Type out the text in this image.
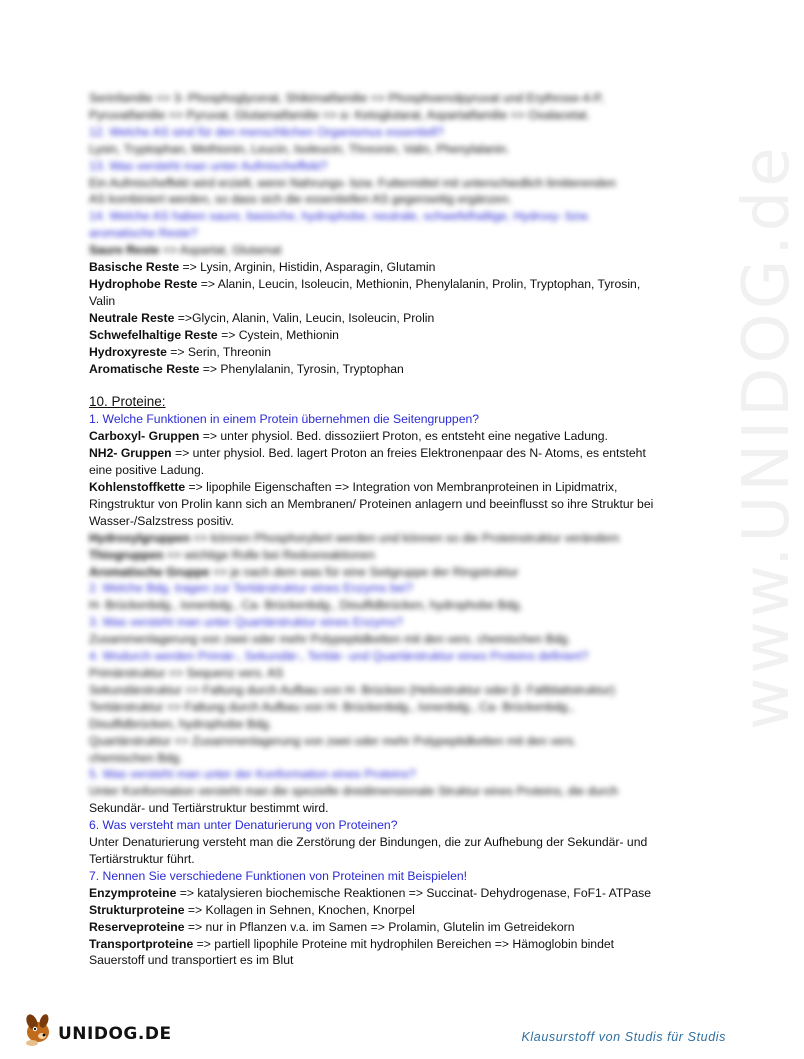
www.UNIDOG.de
Serinfamilie => 3- Phosphoglycerat, Shikimatfamilie => Phosphoenolpyruvat und Erythrose-4-P,
Pyruvatfamilie => Pyruvat, Glutamatfamilie => α- Ketoglutarat, Aspartatfamilie => Oxalacetat.
12. Welche AS sind für den menschlichen Organismus essentiell?
Lysin, Tryptophan, Methionin, Leucin, Isoleucin, Threonin, Valin, Phenylalanin.
13. Was versteht man unter Aufmischeffekt?
Ein Aufmischeffekt wird erzielt, wenn Nahrungs- bzw. Futtermittel mit unterschiedlich limitierenden
AS kombiniert werden, so dass sich die essentiellen AS gegenseitig ergänzen.
14. Welche AS haben saure, basische, hydrophobe, neutrale, schwefelhaltige, Hydroxy- bzw.
aromatische Reste?
Saure Reste => Aspartat, Glutamat
Basische Reste => Lysin, Arginin, Histidin, Asparagin, Glutamin
Hydrophobe Reste => Alanin, Leucin, Isoleucin, Methionin, Phenylalanin, Prolin, Tryptophan, Tyrosin, Valin
Neutrale Reste =>Glycin, Alanin, Valin, Leucin, Isoleucin, Prolin
Schwefelhaltige Reste => Cystein, Methionin
Hydroxyreste => Serin, Threonin
Aromatische Reste => Phenylalanin, Tyrosin, Tryptophan
10. Proteine:
1. Welche Funktionen in einem Protein übernehmen die Seitengruppen?
Carboxyl- Gruppen => unter physiol. Bed. dissoziiert Proton, es entsteht eine negative Ladung.
NH2- Gruppen => unter physiol. Bed. lagert Proton an freies Elektronenpaar des N- Atoms, es entsteht eine positive Ladung.
Kohlenstoffkette => lipophile Eigenschaften => Integration von Membranproteinen in Lipidmatrix, Ringstruktur von Prolin kann sich an Membranen/ Proteinen anlagern und beeinflusst so ihre Struktur bei Wasser-/Salzstress positiv.
Hydroxylgruppen => können Phosphoryliert werden und können so die Proteinstruktur verändern
Thiogruppen => wichtige Rolle bei Redoxreaktionen
Aromatische Gruppe => je nach dem was für eine Seitgruppe der Ringstruktur
2. Welche Bdg. tragen zur Tertiärstruktur eines Enzyms bei?
H- Brückenbdg., Ionenbdg., Ca- Brückenbdg., Disulfidbrücken, hydrophobe Bdg.
3. Was versteht man unter Quartärstruktur eines Enzyms?
Zusammenlagerung von zwei oder mehr Polypeptidketten mit den vers. chemischen Bdg.
4. Wodurch werden Primär-, Sekundär-, Tertiär- und Quartärstruktur eines Proteins definiert?
Primärstruktur => Sequenz vers. AS
Sekundärstruktur => Faltung durch Aufbau von H- Brücken (Helixstruktur oder β- Faltblattstruktur)
Tertiärstruktur => Faltung durch Aufbau von H- Brückenbdg., Ionenbdg., Ca- Brückenbdg.,
Disulfidbrücken, hydrophobe Bdg.
Quartärstruktur => Zusammenlagerung von zwei oder mehr Polypeptidketten mit den vers.
chemischen Bdg.
5. Was versteht man unter der Konformation eines Proteins?
Unter Konformation versteht man die spezielle dreidimensionale Struktur eines Proteins, die durch
Sekundär- und Tertiärstruktur bestimmt wird.
6. Was versteht man unter Denaturierung von Proteinen?
Unter Denaturierung versteht man die Zerstörung der Bindungen, die zur Aufhebung der Sekundär- und Tertiärstruktur führt.
7. Nennen Sie verschiedene Funktionen von Proteinen mit Beispielen!
Enzymproteine => katalysieren biochemische Reaktionen => Succinat- Dehydrogenase, FoF1- ATPase
Strukturproteine => Kollagen in Sehnen, Knochen, Knorpel
Reserveproteine => nur in Pflanzen v.a. im Samen => Prolamin, Glutelin im Getreidekorn
Transportproteine => partiell lipophile Proteine mit hydrophilen Bereichen => Hämoglobin bindet Sauerstoff und transportiert es im Blut
UNIDOG.DE	Klausurstoff von Studis für Studis
